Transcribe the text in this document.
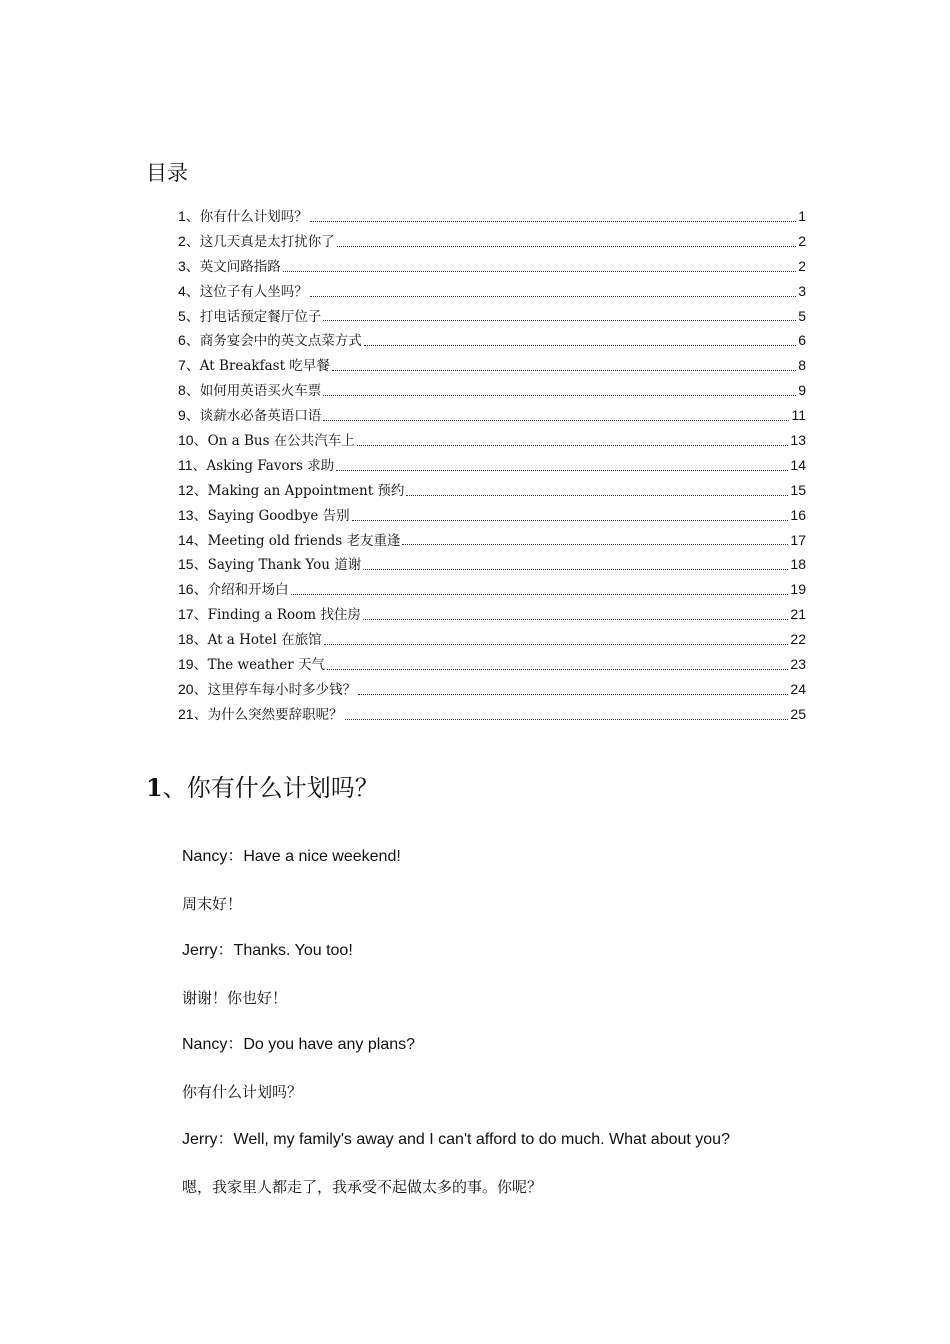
目录
1、 你有什么计划吗？	1
2、 这几天真是太打扰你了	2
3、 英文问路指路	2
4、 这位子有人坐吗？	3
5、 打电话预定餐厅位子	5
6、 商务宴会中的英文点菜方式	6
7、 At Breakfast 吃早餐	8
8、 如何用英语买火车票	9
9、 谈薪水必备英语口语	11
10、 On a Bus 在公共汽车上	13
11、 Asking Favors 求助	14
12、 Making an Appointment 预约	15
13、 Saying Goodbye 告别	16
14、 Meeting old friends 老友重逢	17
15、 Saying Thank You 道谢	18
16、 介绍和开场白	19
17、 Finding a Room 找住房	21
18、 At a Hotel 在旅馆	22
19、 The weather 天气	23
20、 这里停车每小时多少钱？	24
21、 为什么突然要辞职呢？	25
1、你有什么计划吗？
Nancy：Have a nice weekend!
周末好！
Jerry：Thanks. You too!
谢谢！你也好！
Nancy：Do you have any plans?
你有什么计划吗？
Jerry：Well, my family's away and I can't afford to do much. What about you?
嗯，我家里人都走了，我承受不起做太多的事。你呢？
